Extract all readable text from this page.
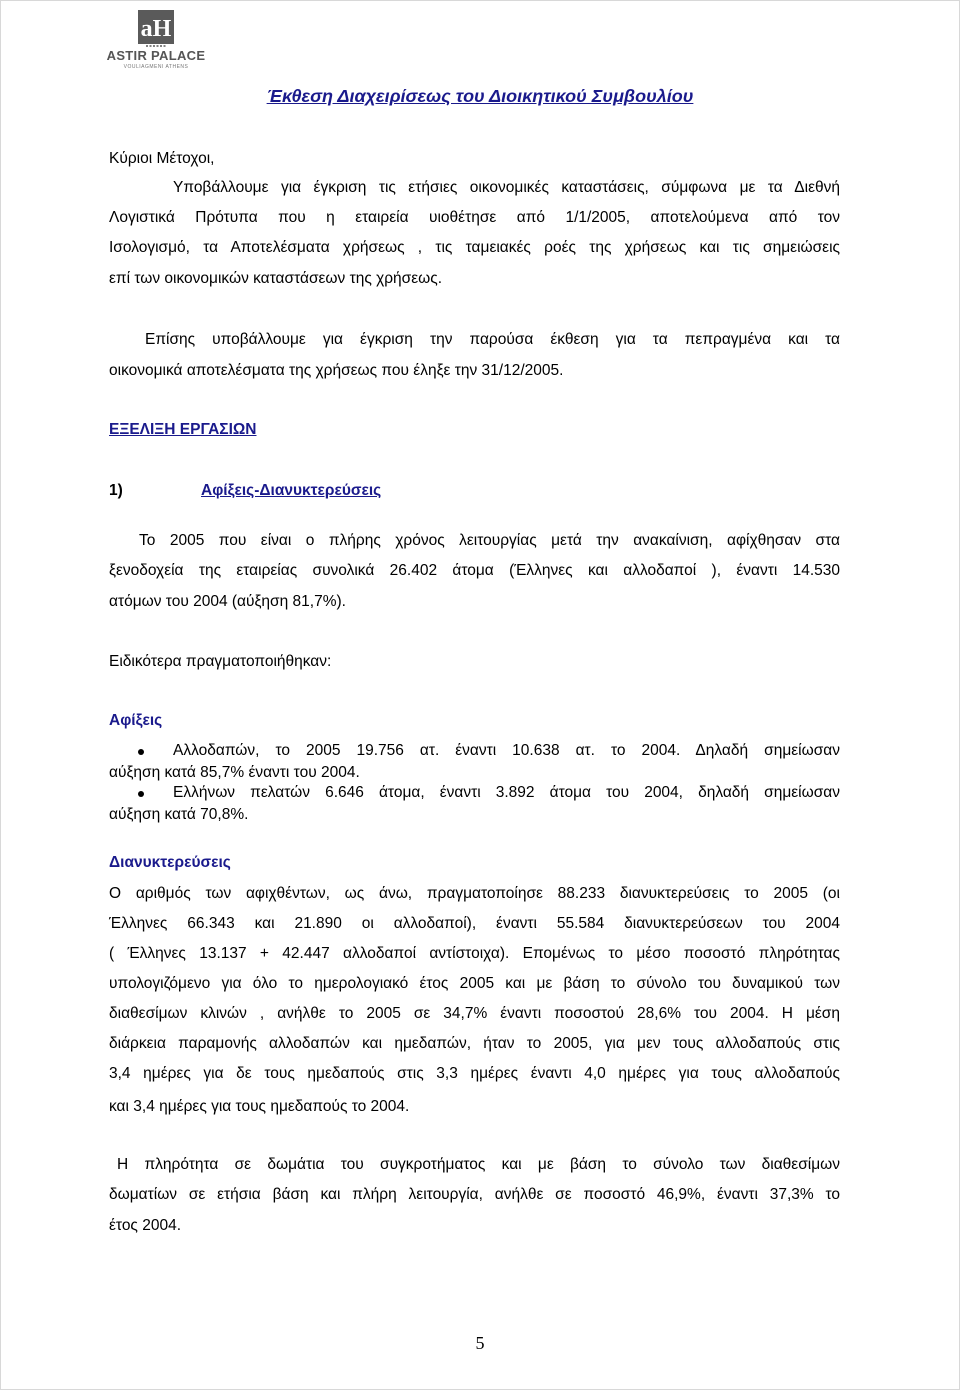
aH
ASTIR PALACE
VOULIAGMENI ATHENS
Έκθεση Διαχειρίσεως του Διοικητικού Συμβουλίου
Κύριοι Μέτοχοι,
Υποβάλλουμε για έγκριση τις ετήσιες οικονομικές καταστάσεις, σύμφωνα με τα Διεθνή
Λογιστικά Πρότυπα που η εταιρεία υιοθέτησε από 1/1/2005, αποτελούμενα από τον
Ισολογισμό, τα Αποτελέσματα χρήσεως , τις ταμειακές ροές της χρήσεως και τις σημειώσεις
επί των οικονομικών καταστάσεων της χρήσεως.
Επίσης υποβάλλουμε για έγκριση την παρούσα έκθεση για τα πεπραγμένα και τα
οικονομικά αποτελέσματα της χρήσεως που έληξε την 31/12/2005.
ΕΞΕΛΙΞΗ ΕΡΓΑΣΙΩΝ
1)	Αφίξεις-Διανυκτερεύσεις
Το 2005 που είναι ο πλήρης χρόνος λειτουργίας μετά την ανακαίνιση, αφίχθησαν στα
ξενοδοχεία της εταιρείας συνολικά 26.402 άτομα (Έλληνες και αλλοδαποί ), έναντι 14.530
ατόμων του 2004 (αύξηση 81,7%).
Ειδικότερα πραγματοποιήθηκαν:
Αφίξεις
Αλλοδαπών, το 2005 19.756 ατ. έναντι 10.638 ατ. το 2004. Δηλαδή σημείωσαν
αύξηση κατά 85,7% έναντι του 2004.
Ελλήνων πελατών 6.646 άτομα, έναντι 3.892 άτομα του 2004, δηλαδή σημείωσαν
αύξηση κατά 70,8%.
Διανυκτερεύσεις
Ο αριθμός των αφιχθέντων, ως άνω, πραγματοποίησε 88.233 διανυκτερεύσεις το 2005 (οι
Έλληνες 66.343 και 21.890 οι αλλοδαποί), έναντι 55.584 διανυκτερεύσεων του 2004
( Έλληνες 13.137 + 42.447 αλλοδαποί αντίστοιχα). Επομένως το μέσο ποσοστό πληρότητας
υπολογιζόμενο για όλο το ημερολογιακό έτος 2005 και με βάση το σύνολο του δυναμικού των
διαθεσίμων κλινών , ανήλθε το 2005 σε 34,7% έναντι ποσοστού 28,6% του 2004. Η μέση
διάρκεια παραμονής αλλοδαπών και ημεδαπών, ήταν το 2005, για μεν τους αλλοδαπούς στις
3,4 ημέρες για δε τους ημεδαπούς στις 3,3 ημέρες έναντι 4,0 ημέρες για τους αλλοδαπούς
και 3,4 ημέρες για τους ημεδαπούς το 2004.
Η πληρότητα σε δωμάτια του συγκροτήματος και με βάση το σύνολο των διαθεσίμων
δωματίων σε ετήσια βάση και πλήρη λειτουργία, ανήλθε σε ποσοστό 46,9%, έναντι 37,3% το
έτος 2004.
5
